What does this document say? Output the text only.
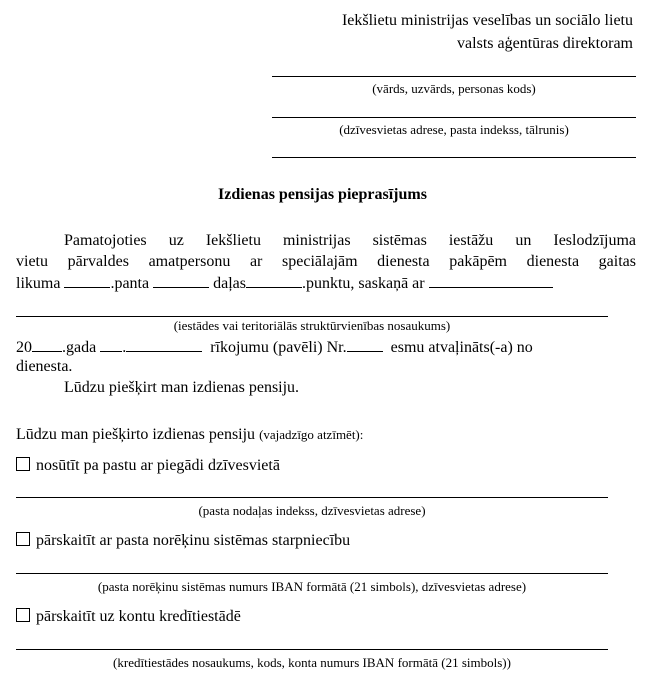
Iekšlietu ministrijas veselības un sociālo lietu
valsts aģentūras direktoram
(vārds, uzvārds, personas kods)
(dzīvesvietas adrese, pasta indekss, tālrunis)
Izdienas pensijas pieprasījums
Pamatojoties uz Iekšlietu ministrijas sistēmas iestāžu un Ieslodzījuma
vietu pārvaldes amatpersonu ar speciālajām dienesta pakāpēm dienesta gaitas
likuma	.panta	daļas	.punktu, saskaņā ar
(iestādes vai teritoriālās struktūrvienības nosaukums)
20 .gada .	rīkojumu (pavēli) Nr.	esmu atvaļināts(-a) no
dienesta.
Lūdzu piešķirt man izdienas pensiju.
Lūdzu man piešķirto izdienas pensiju (vajadzīgo atzīmēt):
nosūtīt pa pastu ar piegādi dzīvesvietā
(pasta nodaļas indekss, dzīvesvietas adrese)
pārskaitīt ar pasta norēķinu sistēmas starpniecību
(pasta norēķinu sistēmas numurs IBAN formātā (21 simbols), dzīvesvietas adrese)
pārskaitīt uz kontu kredītiestādē
(kredītiestādes nosaukums, kods, konta numurs IBAN formātā (21 simbols))
